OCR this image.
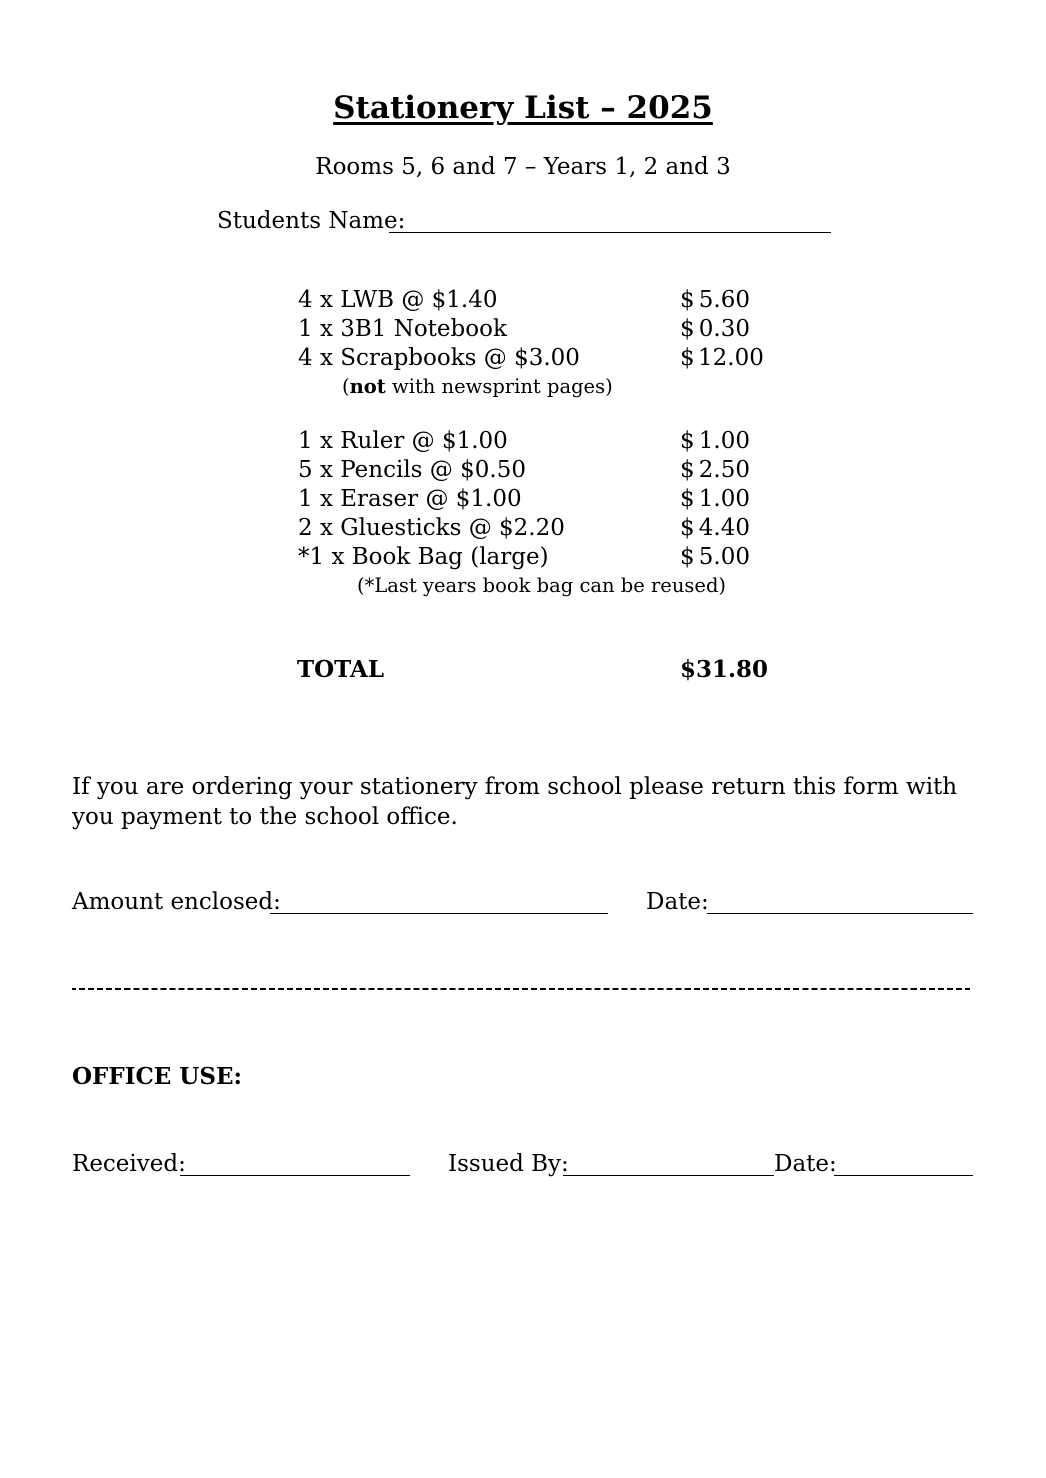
Stationery List – 2025
Rooms 5, 6 and 7 – Years 1, 2 and 3
Students Name:
4 x LWB @ $1.40	$ 5.60
1 x 3B1 Notebook	$ 0.30
4 x Scrapbooks @ $3.00	$ 12.00
(not with newsprint pages)
1 x Ruler @ $1.00	$ 1.00
5 x Pencils @ $0.50	$ 2.50
1 x Eraser @ $1.00	$ 1.00
2 x Gluesticks @ $2.20	$ 4.40
*1 x Book Bag (large)	$ 5.00
(*Last years book bag can be reused)
TOTAL	$31.80
If you are ordering your stationery from school please return this form with you payment to the school office.
Amount enclosed:	Date:
OFFICE USE:
Received:	Issued By:	Date:
